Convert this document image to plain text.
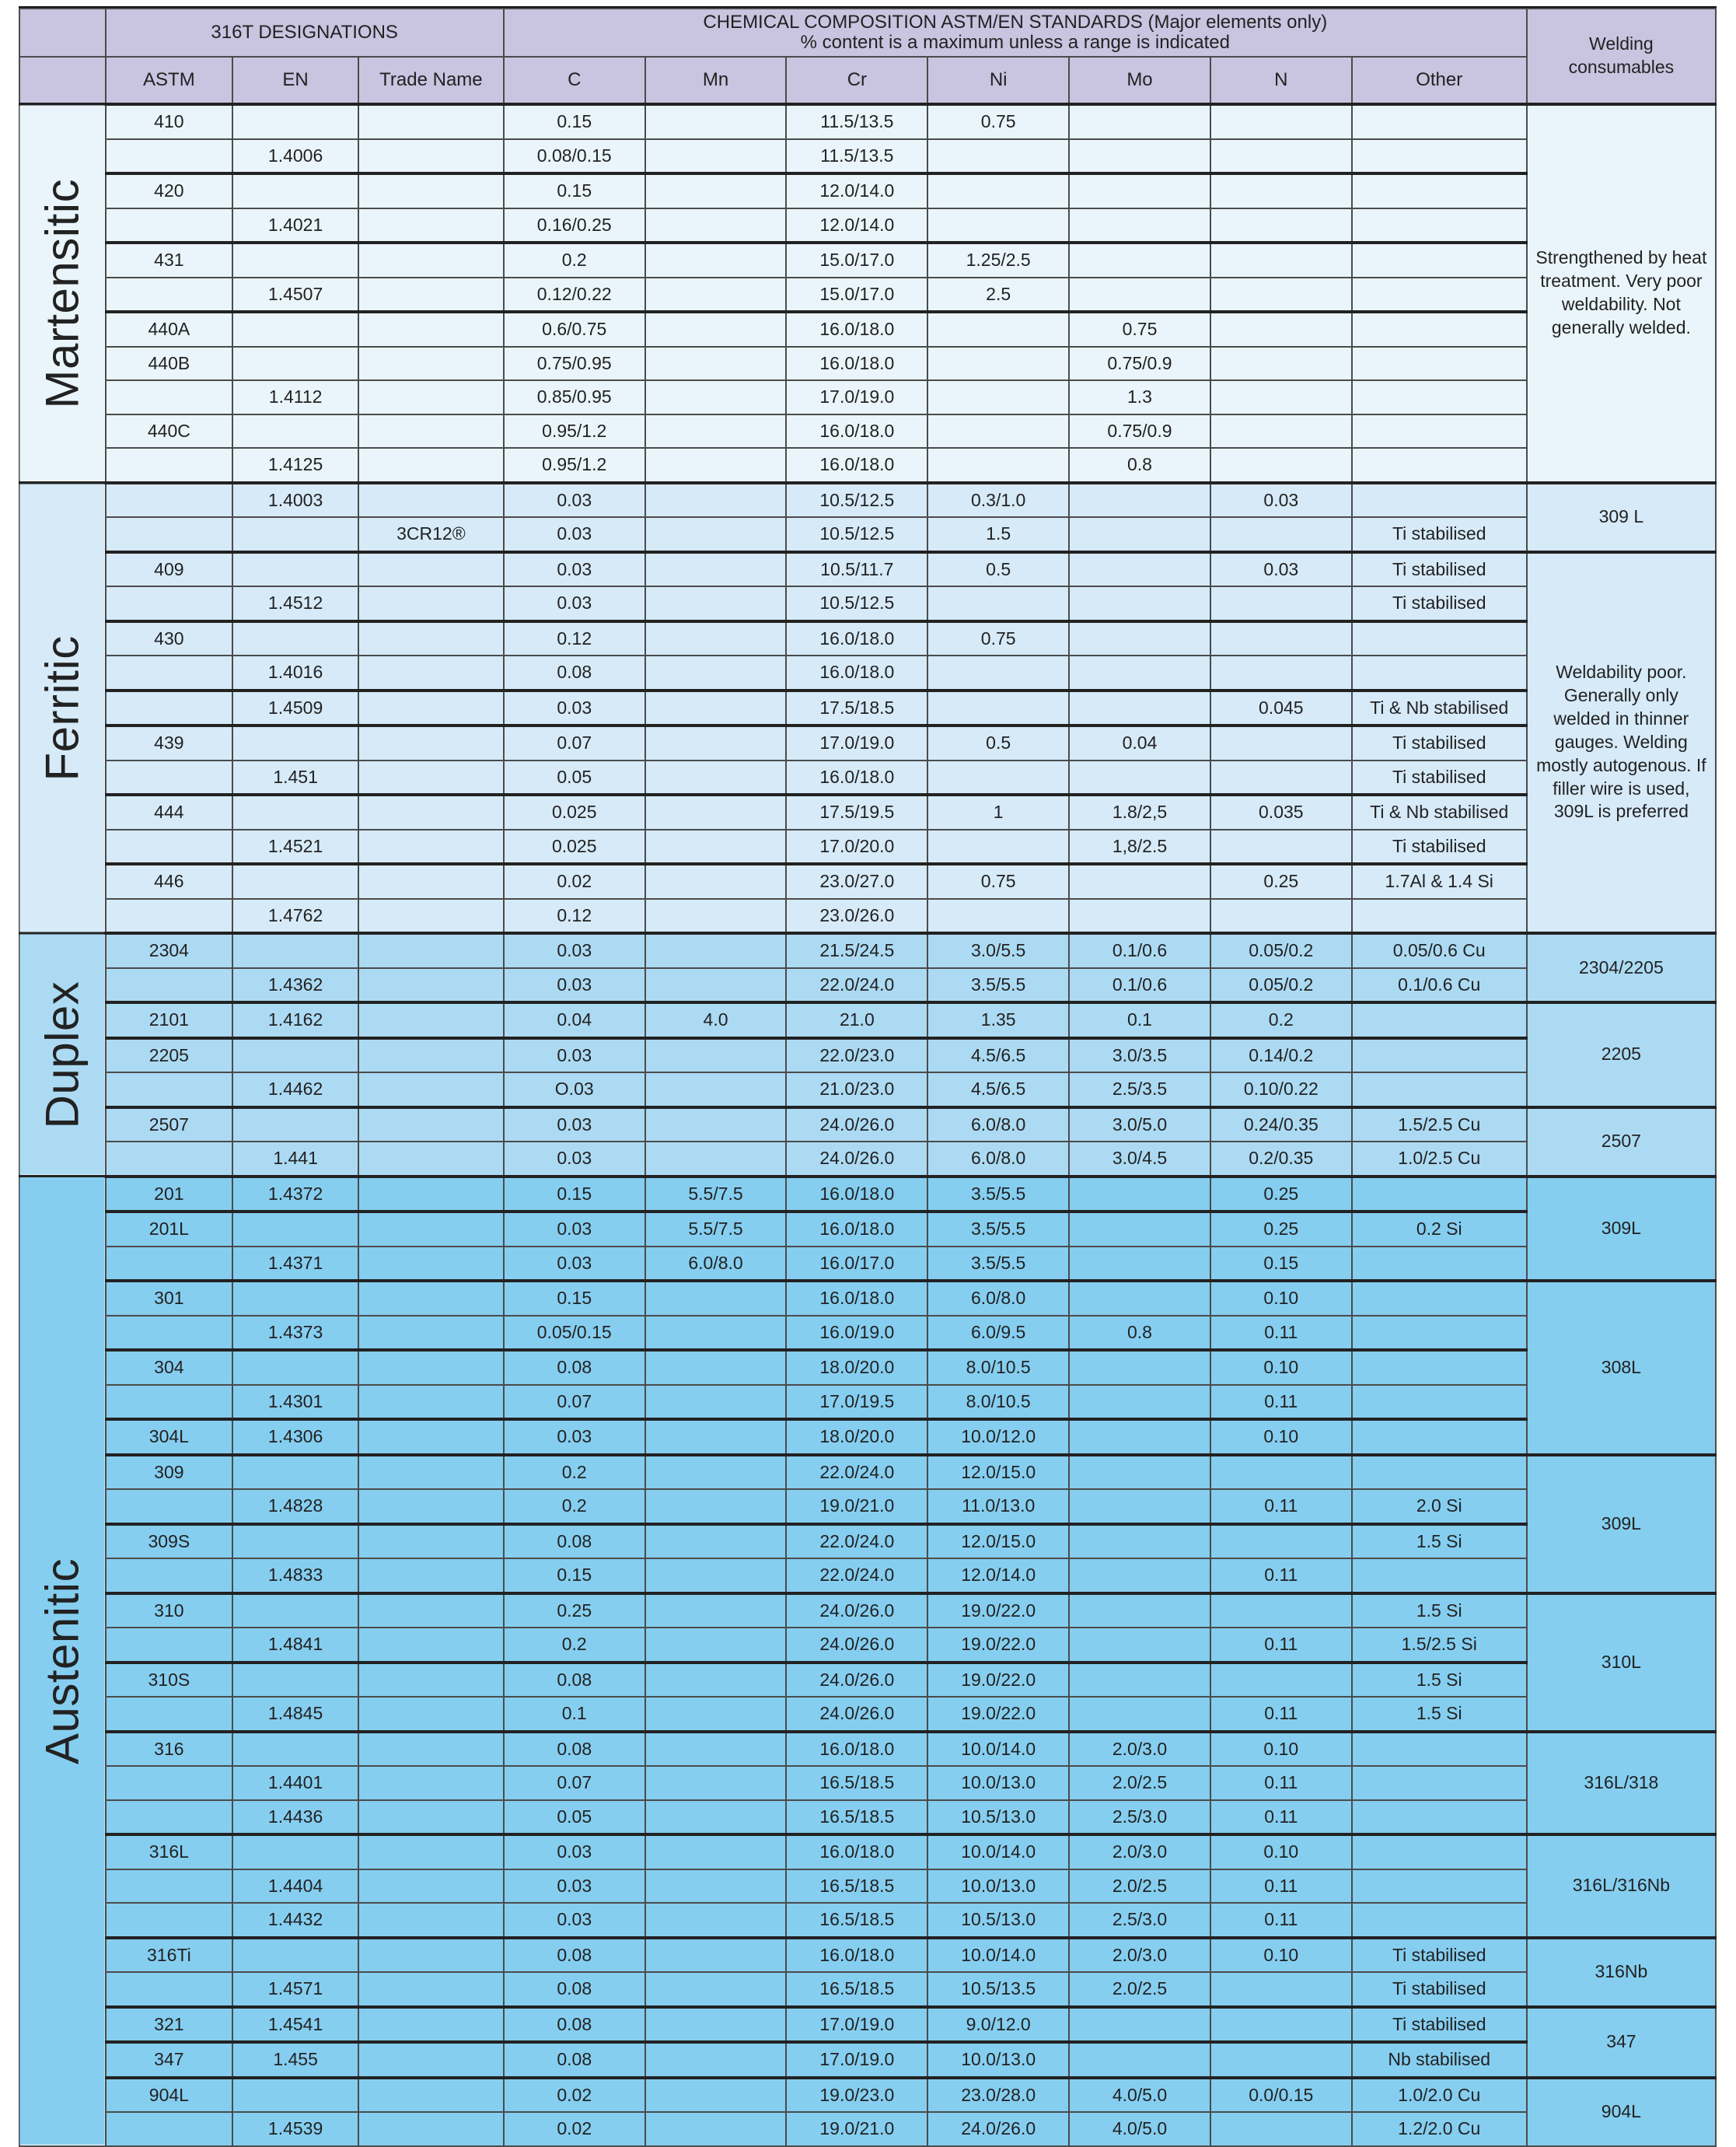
	316T DESIGNATIONS			CHEMICAL COMPOSITION ASTM/EN STANDARDS (Major elements only)
% content is a maximum unless a range is indicated							Welding consumables
	ASTM	EN	Trade Name	C	Mn	Cr	Ni	Mo	N	Other	
Martensitic	410			0.15		11.5/13.5	0.75				Strengthened by heat treatment. Very poor weldability. Not generally welded.
		1.4006		0.08/0.15		11.5/13.5					
	420			0.15		12.0/14.0					
		1.4021		0.16/0.25		12.0/14.0					
	431			0.2		15.0/17.0	1.25/2.5				
		1.4507		0.12/0.22		15.0/17.0	2.5				
	440A			0.6/0.75		16.0/18.0		0.75			
	440B			0.75/0.95		16.0/18.0		0.75/0.9			
		1.4112		0.85/0.95		17.0/19.0		1.3			
	440C			0.95/1.2		16.0/18.0		0.75/0.9			
		1.4125		0.95/1.2		16.0/18.0		0.8			
Ferritic		1.4003		0.03		10.5/12.5	0.3/1.0		0.03		309 L
			3CR12®	0.03		10.5/12.5	1.5			Ti stabilised	
	409			0.03		10.5/11.7	0.5		0.03	Ti stabilised	Weldability poor. Generally only welded in thinner gauges. Welding mostly autogenous. If filler wire is used, 309L is preferred
		1.4512		0.03		10.5/12.5				Ti stabilised	
	430			0.12		16.0/18.0	0.75				
		1.4016		0.08		16.0/18.0					
		1.4509		0.03		17.5/18.5			0.045	Ti & Nb stabilised	
	439			0.07		17.0/19.0	0.5	0.04		Ti stabilised	
		1.451		0.05		16.0/18.0				Ti stabilised	
	444			0.025		17.5/19.5	1	1.8/2,5	0.035	Ti & Nb stabilised	
		1.4521		0.025		17.0/20.0		1,8/2.5		Ti stabilised	
	446			0.02		23.0/27.0	0.75		0.25	1.7Al & 1.4 Si	
		1.4762		0.12		23.0/26.0					
Duplex	2304			0.03		21.5/24.5	3.0/5.5	0.1/0.6	0.05/0.2	0.05/0.6 Cu	2304/2205
		1.4362		0.03		22.0/24.0	3.5/5.5	0.1/0.6	0.05/0.2	0.1/0.6 Cu	
	2101	1.4162		0.04	4.0	21.0	1.35	0.1	0.2		2205
	2205			0.03		22.0/23.0	4.5/6.5	3.0/3.5	0.14/0.2		
		1.4462		O.03		21.0/23.0	4.5/6.5	2.5/3.5	0.10/0.22		
	2507			0.03		24.0/26.0	6.0/8.0	3.0/5.0	0.24/0.35	1.5/2.5 Cu	2507
		1.441		0.03		24.0/26.0	6.0/8.0	3.0/4.5	0.2/0.35	1.0/2.5 Cu	
Austenitic	201	1.4372		0.15	5.5/7.5	16.0/18.0	3.5/5.5		0.25		309L
	201L			0.03	5.5/7.5	16.0/18.0	3.5/5.5		0.25	0.2 Si	
		1.4371		0.03	6.0/8.0	16.0/17.0	3.5/5.5		0.15		
	301			0.15		16.0/18.0	6.0/8.0		0.10		308L
		1.4373		0.05/0.15		16.0/19.0	6.0/9.5	0.8	0.11		
	304			0.08		18.0/20.0	8.0/10.5		0.10		
		1.4301		0.07		17.0/19.5	8.0/10.5		0.11		
	304L	1.4306		0.03		18.0/20.0	10.0/12.0		0.10		
	309			0.2		22.0/24.0	12.0/15.0				309L
		1.4828		0.2		19.0/21.0	11.0/13.0		0.11	2.0 Si	
	309S			0.08		22.0/24.0	12.0/15.0			1.5 Si	
		1.4833		0.15		22.0/24.0	12.0/14.0		0.11		
	310			0.25		24.0/26.0	19.0/22.0			1.5 Si	310L
		1.4841		0.2		24.0/26.0	19.0/22.0		0.11	1.5/2.5 Si	
	310S			0.08		24.0/26.0	19.0/22.0			1.5 Si	
		1.4845		0.1		24.0/26.0	19.0/22.0		0.11	1.5 Si	
	316			0.08		16.0/18.0	10.0/14.0	2.0/3.0	0.10		316L/318
		1.4401		0.07		16.5/18.5	10.0/13.0	2.0/2.5	0.11		
		1.4436		0.05		16.5/18.5	10.5/13.0	2.5/3.0	0.11		
	316L			0.03		16.0/18.0	10.0/14.0	2.0/3.0	0.10		316L/316Nb
		1.4404		0.03		16.5/18.5	10.0/13.0	2.0/2.5	0.11		
		1.4432		0.03		16.5/18.5	10.5/13.0	2.5/3.0	0.11		
	316Ti			0.08		16.0/18.0	10.0/14.0	2.0/3.0	0.10	Ti stabilised	316Nb
		1.4571		0.08		16.5/18.5	10.5/13.5	2.0/2.5		Ti stabilised	
	321	1.4541		0.08		17.0/19.0	9.0/12.0			Ti stabilised	347
	347	1.455		0.08		17.0/19.0	10.0/13.0			Nb stabilised	
	904L			0.02		19.0/23.0	23.0/28.0	4.0/5.0	0.0/0.15	1.0/2.0 Cu	904L
		1.4539		0.02		19.0/21.0	24.0/26.0	4.0/5.0		1.2/2.0 Cu	
